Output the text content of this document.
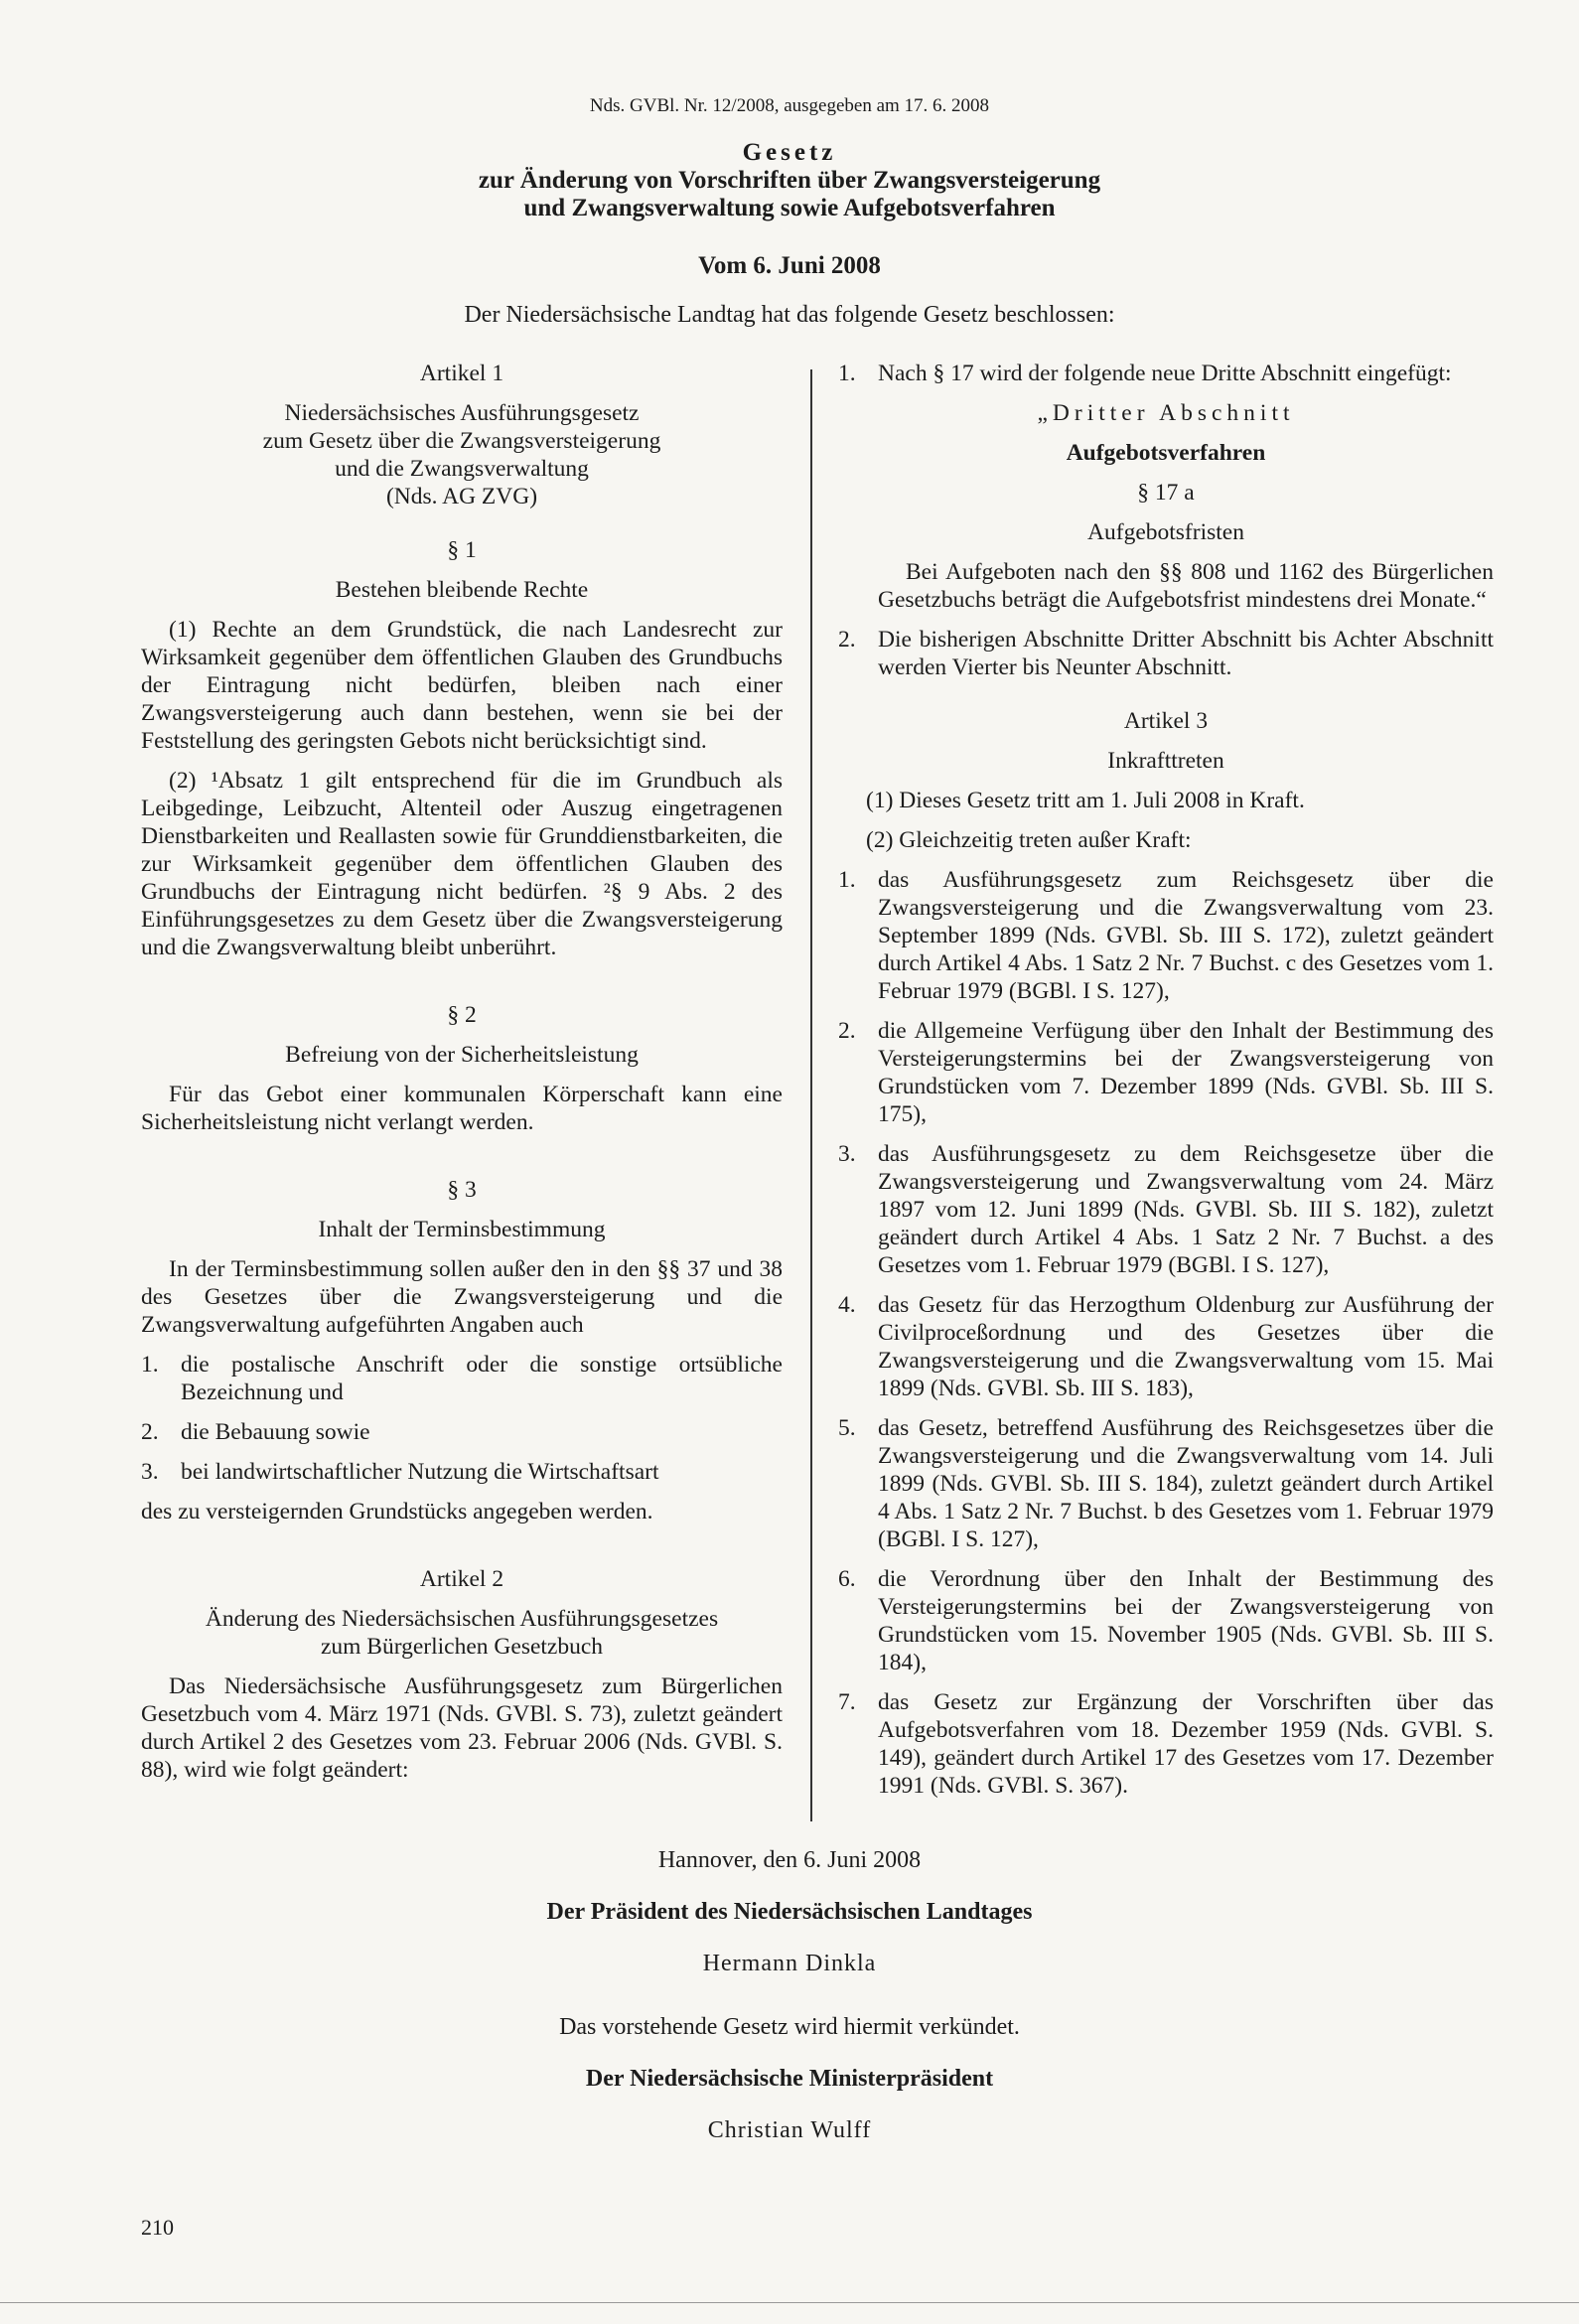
Nds. GVBl. Nr. 12/2008, ausgegeben am 17. 6. 2008
Gesetz
zur Änderung von Vorschriften über Zwangsversteigerung
und Zwangsverwaltung sowie Aufgebotsverfahren
Vom 6. Juni 2008
Der Niedersächsische Landtag hat das folgende Gesetz beschlossen:

Artikel 1

Niedersächsisches Ausführungsgesetz

zum Gesetz über die Zwangsversteigerung

und die Zwangsverwaltung

(Nds. AG ZVG)

§ 1

Bestehen bleibende Rechte

(1) Rechte an dem Grundstück, die nach Landesrecht zur Wirksamkeit gegenüber dem öffentlichen Glauben des Grundbuchs der Eintragung nicht bedürfen, bleiben nach einer Zwangsversteigerung auch dann bestehen, wenn sie bei der Feststellung des geringsten Gebots nicht berücksichtigt sind.

(2) ¹Absatz 1 gilt entsprechend für die im Grundbuch als Leibgedinge, Leibzucht, Altenteil oder Auszug eingetragenen Dienstbarkeiten und Reallasten sowie für Grunddienstbarkeiten, die zur Wirksamkeit gegenüber dem öffentlichen Glauben des Grundbuchs der Eintragung nicht bedürfen. ²§ 9 Abs. 2 des Einführungsgesetzes zu dem Gesetz über die Zwangsversteigerung und die Zwangsverwaltung bleibt unberührt.

§ 2

Befreiung von der Sicherheitsleistung

Für das Gebot einer kommunalen Körperschaft kann eine Sicherheitsleistung nicht verlangt werden.

§ 3

Inhalt der Terminsbestimmung

In der Terminsbestimmung sollen außer den in den §§ 37 und 38 des Gesetzes über die Zwangsversteigerung und die Zwangsverwaltung aufgeführten Angaben auch

1. die postalische Anschrift oder die sonstige ortsübliche Bezeichnung und
2. die Bebauung sowie
3. bei landwirtschaftlicher Nutzung die Wirtschaftsart

des zu versteigernden Grundstücks angegeben werden.

Artikel 2

Änderung des Niedersächsischen Ausführungsgesetzes

zum Bürgerlichen Gesetzbuch

Das Niedersächsische Ausführungsgesetz zum Bürgerlichen Gesetzbuch vom 4. März 1971 (Nds. GVBl. S. 73), zuletzt geändert durch Artikel 2 des Gesetzes vom 23. Februar 2006 (Nds. GVBl. S. 88), wird wie folgt geändert:

1. Nach § 17 wird der folgende neue Dritte Abschnitt eingefügt:

„Dritter Abschnitt

Aufgebotsverfahren

§ 17 a

Aufgebotsfristen

Bei Aufgeboten nach den §§ 808 und 1162 des Bürgerlichen Gesetzbuchs beträgt die Aufgebotsfrist mindestens drei Monate.“

2. Die bisherigen Abschnitte Dritter Abschnitt bis Achter Abschnitt werden Vierter bis Neunter Abschnitt.

Artikel 3

Inkrafttreten

(1) Dieses Gesetz tritt am 1. Juli 2008 in Kraft.

(2) Gleichzeitig treten außer Kraft:

1. das Ausführungsgesetz zum Reichsgesetz über die Zwangsversteigerung und die Zwangsverwaltung vom 23. September 1899 (Nds. GVBl. Sb. III S. 172), zuletzt geändert durch Artikel 4 Abs. 1 Satz 2 Nr. 7 Buchst. c des Gesetzes vom 1. Februar 1979 (BGBl. I S. 127),
2. die Allgemeine Verfügung über den Inhalt der Bestimmung des Versteigerungstermins bei der Zwangsversteigerung von Grundstücken vom 7. Dezember 1899 (Nds. GVBl. Sb. III S. 175),
3. das Ausführungsgesetz zu dem Reichsgesetze über die Zwangsversteigerung und Zwangsverwaltung vom 24. März 1897 vom 12. Juni 1899 (Nds. GVBl. Sb. III S. 182), zuletzt geändert durch Artikel 4 Abs. 1 Satz 2 Nr. 7 Buchst. a des Gesetzes vom 1. Februar 1979 (BGBl. I S. 127),
4. das Gesetz für das Herzogthum Oldenburg zur Ausführung der Civilproceßordnung und des Gesetzes über die Zwangsversteigerung und die Zwangsverwaltung vom 15. Mai 1899 (Nds. GVBl. Sb. III S. 183),
5. das Gesetz, betreffend Ausführung des Reichsgesetzes über die Zwangsversteigerung und die Zwangsverwaltung vom 14. Juli 1899 (Nds. GVBl. Sb. III S. 184), zuletzt geändert durch Artikel 4 Abs. 1 Satz 2 Nr. 7 Buchst. b des Gesetzes vom 1. Februar 1979 (BGBl. I S. 127),
6. die Verordnung über den Inhalt der Bestimmung des Versteigerungstermins bei der Zwangsversteigerung von Grundstücken vom 15. November 1905 (Nds. GVBl. Sb. III S. 184),
7. das Gesetz zur Ergänzung der Vorschriften über das Aufgebotsverfahren vom 18. Dezember 1959 (Nds. GVBl. S. 149), geändert durch Artikel 17 des Gesetzes vom 17. Dezember 1991 (Nds. GVBl. S. 367).
Hannover, den 6. Juni 2008
Der Präsident des Niedersächsischen Landtages
Hermann Dinkla
Das vorstehende Gesetz wird hiermit verkündet.
Der Niedersächsische Ministerpräsident
Christian Wulff
210
